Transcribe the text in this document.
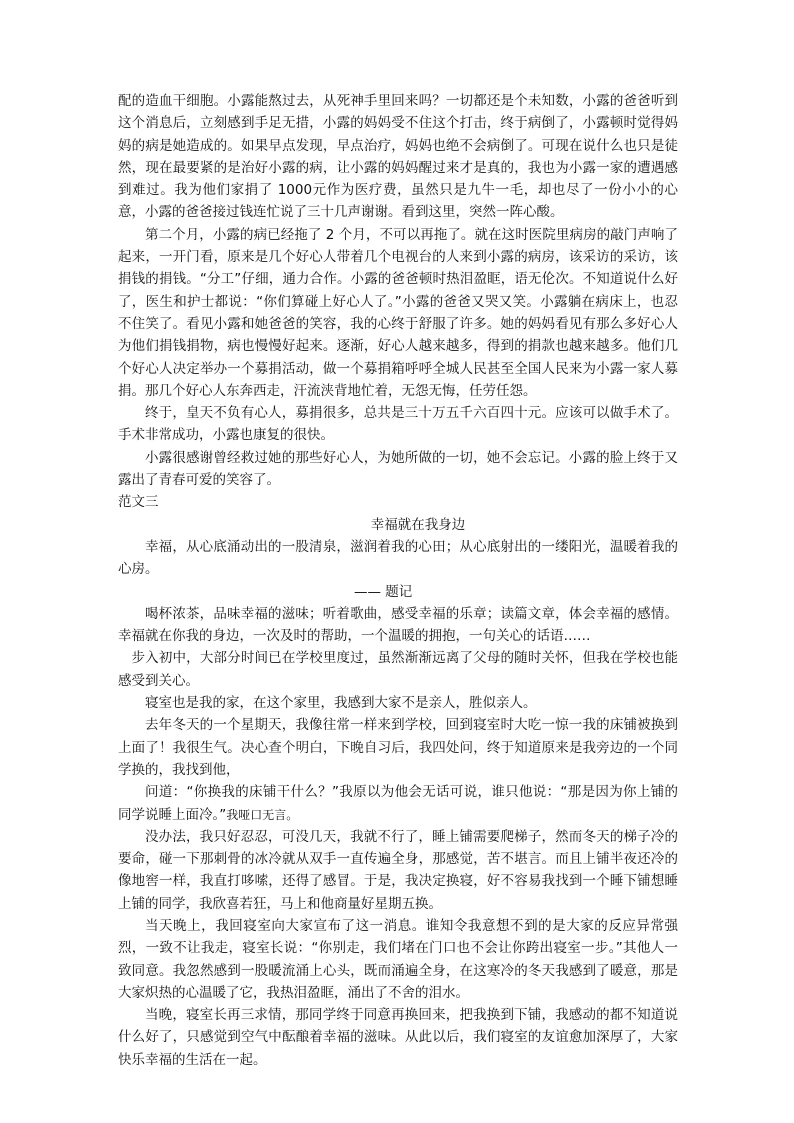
配的造血干细胞。小露能熬过去，从死神手里回来吗？一切都还是个未知数，小露的爸爸听到这个消息后，立刻感到手足无措，小露的妈妈受不住这个打击，终于病倒了，小露顿时觉得妈妈的病是她造成的。如果早点发现，早点治疗，妈妈也绝不会病倒了。可现在说什么也只是徒然，现在最要紧的是治好小露的病，让小露的妈妈醒过来才是真的，我也为小露一家的遭遇感到难过。我为他们家捐了 1000元作为医疗费，虽然只是九牛一毛，却也尽了一份小小的心意，小露的爸爸接过钱连忙说了三十几声谢谢。看到这里，突然一阵心酸。

第二个月，小露的病已经拖了 2 个月，不可以再拖了。就在这时医院里病房的敲门声响了起来，一开门看，原来是几个好心人带着几个电视台的人来到小露的病房，该采访的采访，该捐钱的捐钱。“分工”仔细，通力合作。小露的爸爸顿时热泪盈眶，语无伦次。不知道说什么好了，医生和护士都说：“你们算碰上好心人了。”小露的爸爸又哭又笑。小露躺在病床上，也忍不住笑了。看见小露和她爸爸的笑容，我的心终于舒服了许多。她的妈妈看见有那么多好心人为他们捐钱捐物，病也慢慢好起来。逐渐，好心人越来越多，得到的捐款也越来越多。他们几个好心人决定举办一个募捐活动，做一个募捐箱呼呼全城人民甚至全国人民来为小露一家人募捐。那几个好心人东奔西走，汗流浃背地忙着，无怨无悔，任劳任怨。

终于，皇天不负有心人，募捐很多，总共是三十万五千六百四十元。应该可以做手术了。手术非常成功，小露也康复的很快。

小露很感谢曾经救过她的那些好心人，为她所做的一切，她不会忘记。小露的脸上终于又露出了青春可爱的笑容了。

范文三

幸福就在我身边

幸福，从心底涌动出的一股清泉，滋润着我的心田；从心底射出的一缕阳光，温暖着我的心房。

—— 题记

喝杯浓茶，品味幸福的滋味；听着歌曲，感受幸福的乐章；读篇文章，体会幸福的感情。幸福就在你我的身边，一次及时的帮助，一个温暖的拥抱，一句关心的话语……

步入初中，大部分时间已在学校里度过，虽然渐渐远离了父母的随时关怀，但我在学校也能感受到关心。

寝室也是我的家，在这个家里，我感到大家不是亲人，胜似亲人。

去年冬天的一个星期天，我像往常一样来到学校，回到寝室时大吃一惊一我的床铺被换到上面了！我很生气。决心查个明白，下晚自习后，我四处问，终于知道原来是我旁边的一个同学换的，我找到他，

问道：“你换我的床铺干什么？”我原以为他会无话可说，谁只他说：“那是因为你上铺的同学说睡上面冷。”我哑口无言。

没办法，我只好忍忍，可没几天，我就不行了，睡上铺需要爬梯子，然而冬天的梯子冷的要命，碰一下那刺骨的冰冷就从双手一直传遍全身，那感觉，苦不堪言。而且上铺半夜还冷的像地窖一样，我直打哆嗦，还得了感冒。于是，我决定换寝，好不容易我找到一个睡下铺想睡上铺的同学，我欣喜若狂，马上和他商量好星期五换。

当天晚上，我回寝室向大家宣布了这一消息。谁知令我意想不到的是大家的反应异常强烈，一致不让我走，寝室长说：“你别走，我们堵在门口也不会让你跨出寝室一步。”其他人一致同意。我忽然感到一股暖流涌上心头，既而涌遍全身，在这寒冷的冬天我感到了暖意，那是大家炽热的心温暖了它，我热泪盈眶，涌出了不舍的泪水。

当晚，寝室长再三求情，那同学终于同意再换回来，把我换到下铺，我感动的都不知道说什么好了，只感觉到空气中酝酿着幸福的滋味。从此以后，我们寝室的友谊愈加深厚了，大家快乐幸福的生活在一起。
